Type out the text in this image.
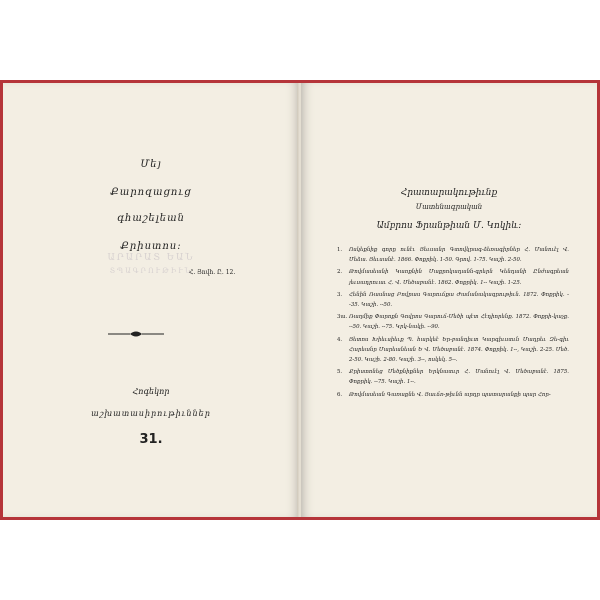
Մեյ
Քարոզացուց
գհաշելեան
Քրիստոս:
ԱՐԱՐԱՏ ԵԱՆ
ՏՊԱԳՐՈՒԹԻՒՆ
Հ. Յովհ. Ը. 12.
Հոգեկոր
աշխատասիրութիւններ
31.
Հրատարակութիւնք
Մատենագրական
Ամբրոս Ֆրանթիան Մ. Կոկիև:
1.	Ոսկեքնիք գորը ունէւ Յեւսանր Գտովկրագ-ձեռագիրներ Հ. Մանուէլ Վ. Մեձա. Յեւսանէ. 1866. Փոքրիկ. 1-50. Գրով. 1-75. Կաշի. 2-50.
2.	Թովմասեանի Կառքնին Մաքրոկադանն-գրերն Կենդանի Ընժագրեան յեւսադրուաւ Հ. Վ. Մեծաբանէ. 1862. Փոքրիկ. 1-- Կաշի. 1-25.
3.	Հենին Ռասնաց Բովրաս Գարուճքա Ժամանակագրութիւն. 1872. Փոքրիկ. --35. Կաշի. --50.
3ա. Ռաղմիք Փարոքն Գովրոս Գարուճ-Մեծի պէտ Հէդիորենք. 1872. Փոքրի-կաչք. --50. Կաշի. --75. Կրկ-նակի. --90.
4.	Յետոս Խիեւսիեւք Պ. հարկեէ Եր-բանդիւտ Կարգիւստւն Մադրեւ Զե-գիւ Հարեանր Մարեանեան Ե Վ. Մեծաբանէ. 1874. Փոքրիկ. 1--, Կաշի. 2-25. Մեծ. 2-50. Կաշի. 2-80. Կաշի. 3--, ոսկեկ. 5--.
5.	Քրիստոնեց Մեծքնիքներ Երկնատւր Հ. Մանուէլ Վ. Մեծաբանէ. 1875. Փոքրիկ. --75. Կաշի. 1--.
6.	Թովմասեան Գառաքնե Վ. Յաւճռ-թիւնն արդր պատարանքի պար Հոր-
